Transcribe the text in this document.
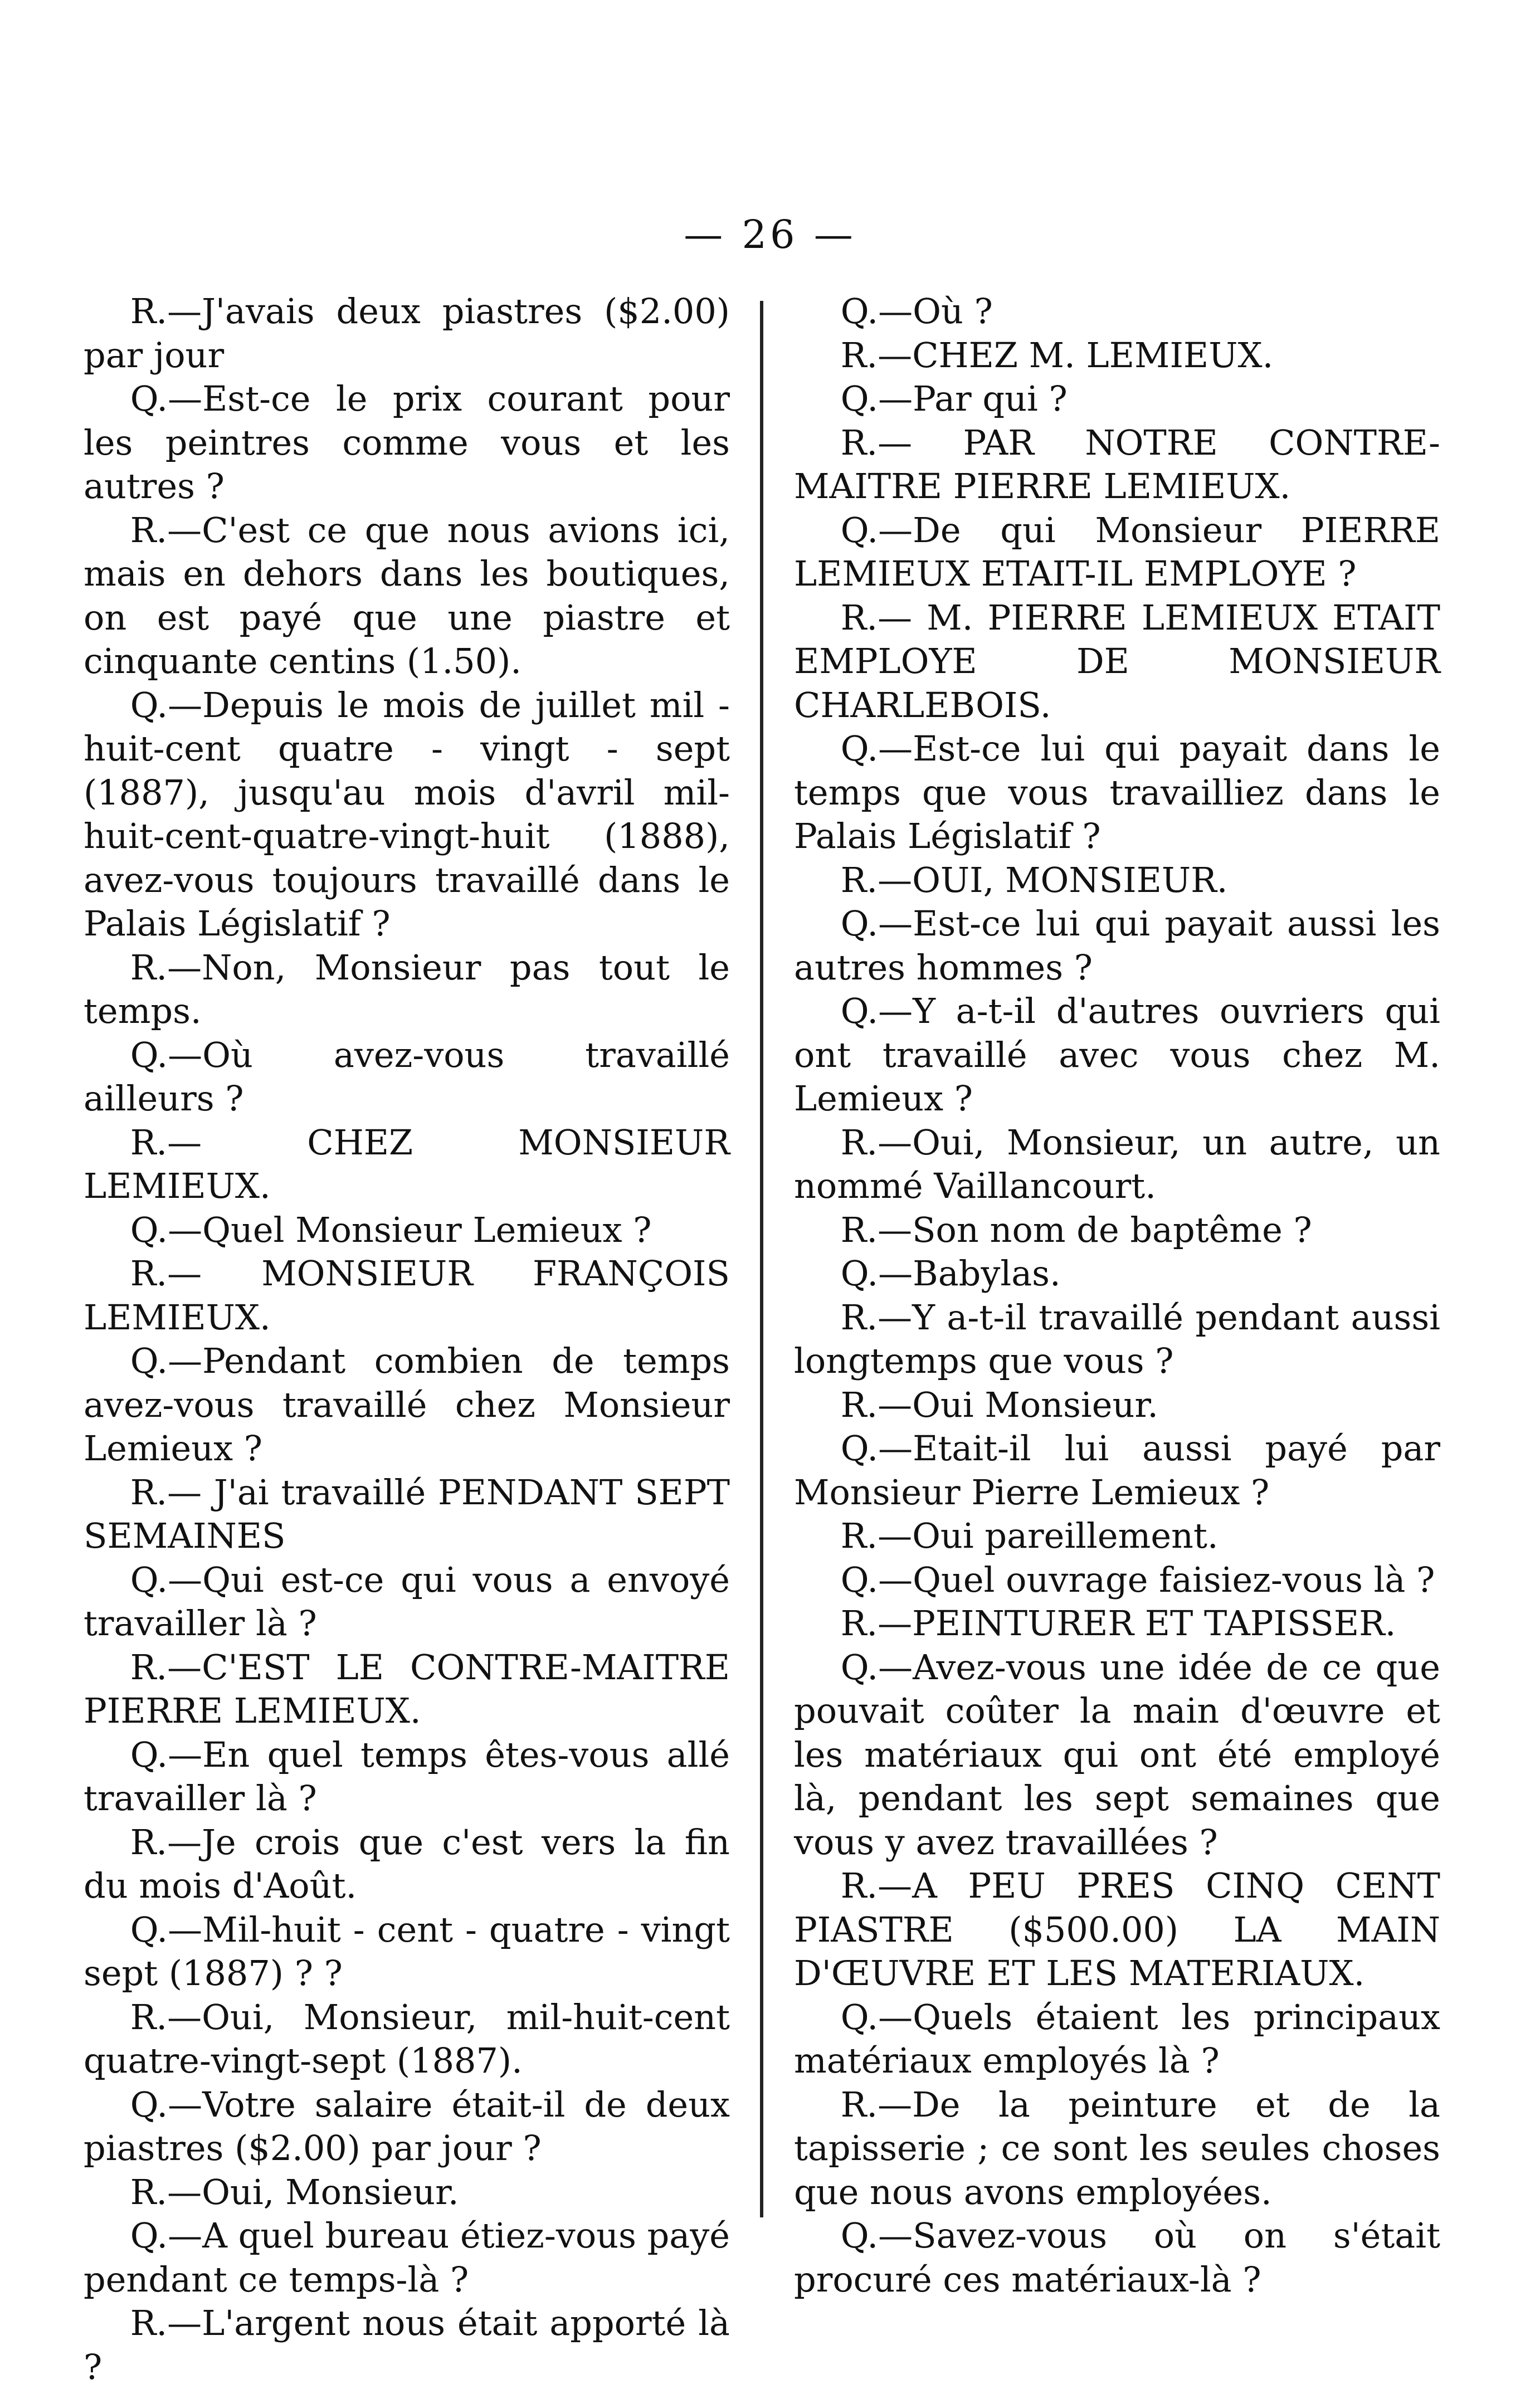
— 26 —

R.—J'avais deux piastres ($2.00) par jour

Q.—Est-ce le prix courant pour les peintres comme vous et les autres ?

R.—C'est ce que nous avions ici, mais en dehors dans les boutiques, on est payé que une piastre et cinquante centins (1.50).

Q.—Depuis le mois de juillet mil - huit-cent quatre - vingt - sept (1887), jusqu'au mois d'avril mil-huit-cent-quatre-vingt-huit (1888), avez-vous toujours travaillé dans le Palais Législatif ?

R.—Non, Monsieur pas tout le temps.

Q.—Où avez-vous travaillé ailleurs ?

R.— CHEZ MONSIEUR LEMIEUX.

Q.—Quel Monsieur Lemieux ?

R.— MONSIEUR FRANÇOIS LEMIEUX.

Q.—Pendant combien de temps avez-vous travaillé chez Monsieur Lemieux ?

R.— J'ai travaillé PENDANT SEPT SEMAINES

Q.—Qui est-ce qui vous a envoyé travailler là ?

R.—C'EST LE CONTRE-MAITRE PIERRE LEMIEUX.

Q.—En quel temps êtes-vous allé travailler là ?

R.—Je crois que c'est vers la fin du mois d'Août.

Q.—Mil-huit - cent - quatre - vingt sept (1887) ? ?

R.—Oui, Monsieur, mil-huit-cent quatre-vingt-sept (1887).

Q.—Votre salaire était-il de deux piastres ($2.00) par jour ?

R.—Oui, Monsieur.

Q.—A quel bureau étiez-vous payé pendant ce temps-là ?

R.—L'argent nous était apporté là ?

Q.—Où ?

R.—CHEZ M. LEMIEUX.

Q.—Par qui ?

R.— PAR NOTRE CONTRE-MAITRE PIERRE LEMIEUX.

Q.—De qui Monsieur PIERRE LEMIEUX ETAIT-IL EMPLOYE ?

R.— M. PIERRE LEMIEUX ETAIT EMPLOYE DE MONSIEUR CHARLEBOIS.

Q.—Est-ce lui qui payait dans le temps que vous travailliez dans le Palais Législatif ?

R.—OUI, MONSIEUR.

Q.—Est-ce lui qui payait aussi les autres hommes ?

Q.—Y a-t-il d'autres ouvriers qui ont travaillé avec vous chez M. Lemieux ?

R.—Oui, Monsieur, un autre, un nommé Vaillancourt.

R.—Son nom de baptême ?

Q.—Babylas.

R.—Y a-t-il travaillé pendant aussi longtemps que vous ?

R.—Oui Monsieur.

Q.—Etait-il lui aussi payé par Monsieur Pierre Lemieux ?

R.—Oui pareillement.

Q.—Quel ouvrage faisiez-vous là ?

R.—PEINTURER ET TAPISSER.

Q.—Avez-vous une idée de ce que pouvait coûter la main d'œuvre et les matériaux qui ont été employé là, pendant les sept semaines que vous y avez travaillées ?

R.—A PEU PRES CINQ CENT PIASTRE ($500.00) LA MAIN D'ŒUVRE ET LES MATERIAUX.

Q.—Quels étaient les principaux matériaux employés là ?

R.—De la peinture et de la tapisserie ; ce sont les seules choses que nous avons employées.

Q.—Savez-vous où on s'était procuré ces matériaux-là ?
